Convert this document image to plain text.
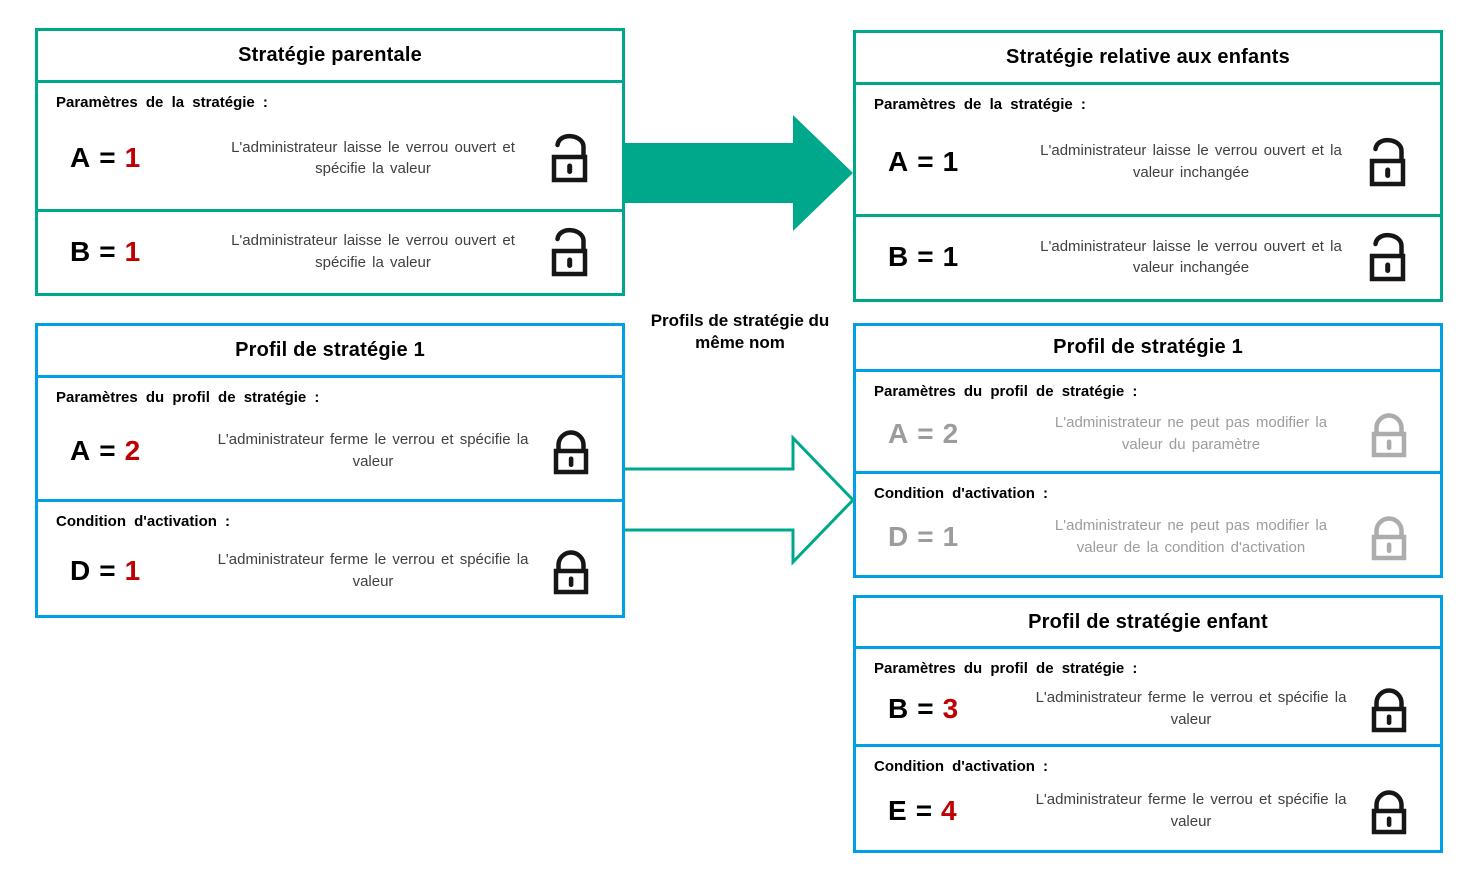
Stratégie parentale
Paramètres de la stratégie :
A = 1	L'administrateur laisse le verrou ouvert et spécifie la valeur
B = 1	L'administrateur laisse le verrou ouvert et spécifie la valeur
Stratégie relative aux enfants
Paramètres de la stratégie :
A = 1	L'administrateur laisse le verrou ouvert et la valeur inchangée
B = 1	L'administrateur laisse le verrou ouvert et la valeur inchangée
Profil de stratégie 1
Paramètres du profil de stratégie :
A = 2	L'administrateur ferme le verrou et spécifie la valeur
Condition d'activation :
D = 1	L'administrateur ferme le verrou et spécifie la valeur
Profil de stratégie 1
Paramètres du profil de stratégie :
A = 2	L'administrateur ne peut pas modifier la valeur du paramètre
Condition d'activation :
D = 1	L'administrateur ne peut pas modifier la valeur de la condition d'activation
Profil de stratégie enfant
Paramètres du profil de stratégie :
B = 3	L'administrateur ferme le verrou et spécifie la valeur
Condition d'activation :
E = 4	L'administrateur ferme le verrou et spécifie la valeur
Profils de stratégie du même nom
